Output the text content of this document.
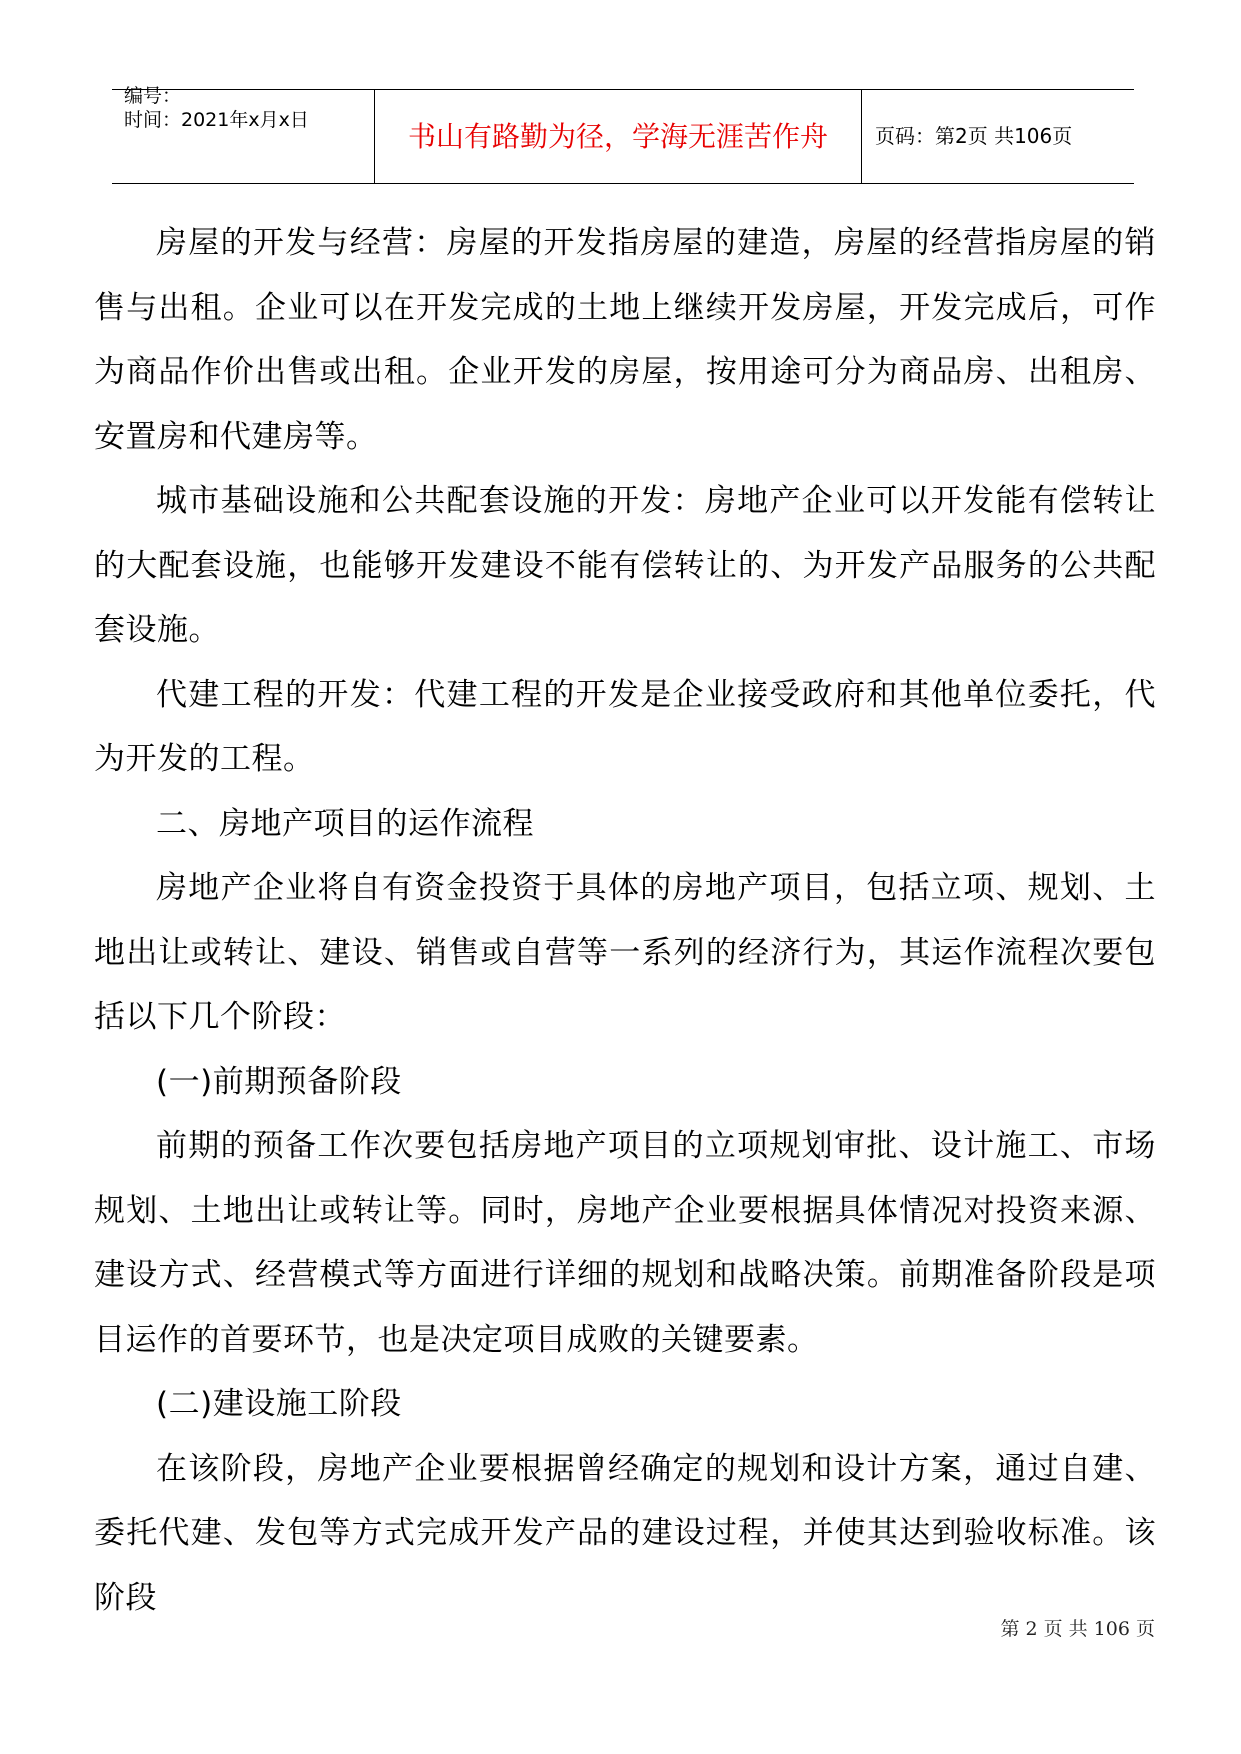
编号：
时间：2021年x月x日	书山有路勤为径，学海无涯苦作舟	页码：第2页 共106页

房屋的开发与经营：房屋的开发指房屋的建造，房屋的经营指房屋的销售与出租。企业可以在开发完成的土地上继续开发房屋，开发完成后，可作为商品作价出售或出租。企业开发的房屋，按用途可分为商品房、出租房、安置房和代建房等。

城市基础设施和公共配套设施的开发：房地产企业可以开发能有偿转让的大配套设施，也能够开发建设不能有偿转让的、为开发产品服务的公共配套设施。

代建工程的开发：代建工程的开发是企业接受政府和其他单位委托，代为开发的工程。

二、房地产项目的运作流程

房地产企业将自有资金投资于具体的房地产项目，包括立项、规划、土地出让或转让、建设、销售或自营等一系列的经济行为，其运作流程次要包括以下几个阶段：

(一)前期预备阶段

前期的预备工作次要包括房地产项目的立项规划审批、设计施工、市场规划、土地出让或转让等。同时，房地产企业要根据具体情况对投资来源、建设方式、经营模式等方面进行详细的规划和战略决策。前期准备阶段是项目运作的首要环节，也是决定项目成败的关键要素。

(二)建设施工阶段

在该阶段，房地产企业要根据曾经确定的规划和设计方案，通过自建、委托代建、发包等方式完成开发产品的建设过程，并使其达到验收标准。该阶段

第 2 页 共 106 页
